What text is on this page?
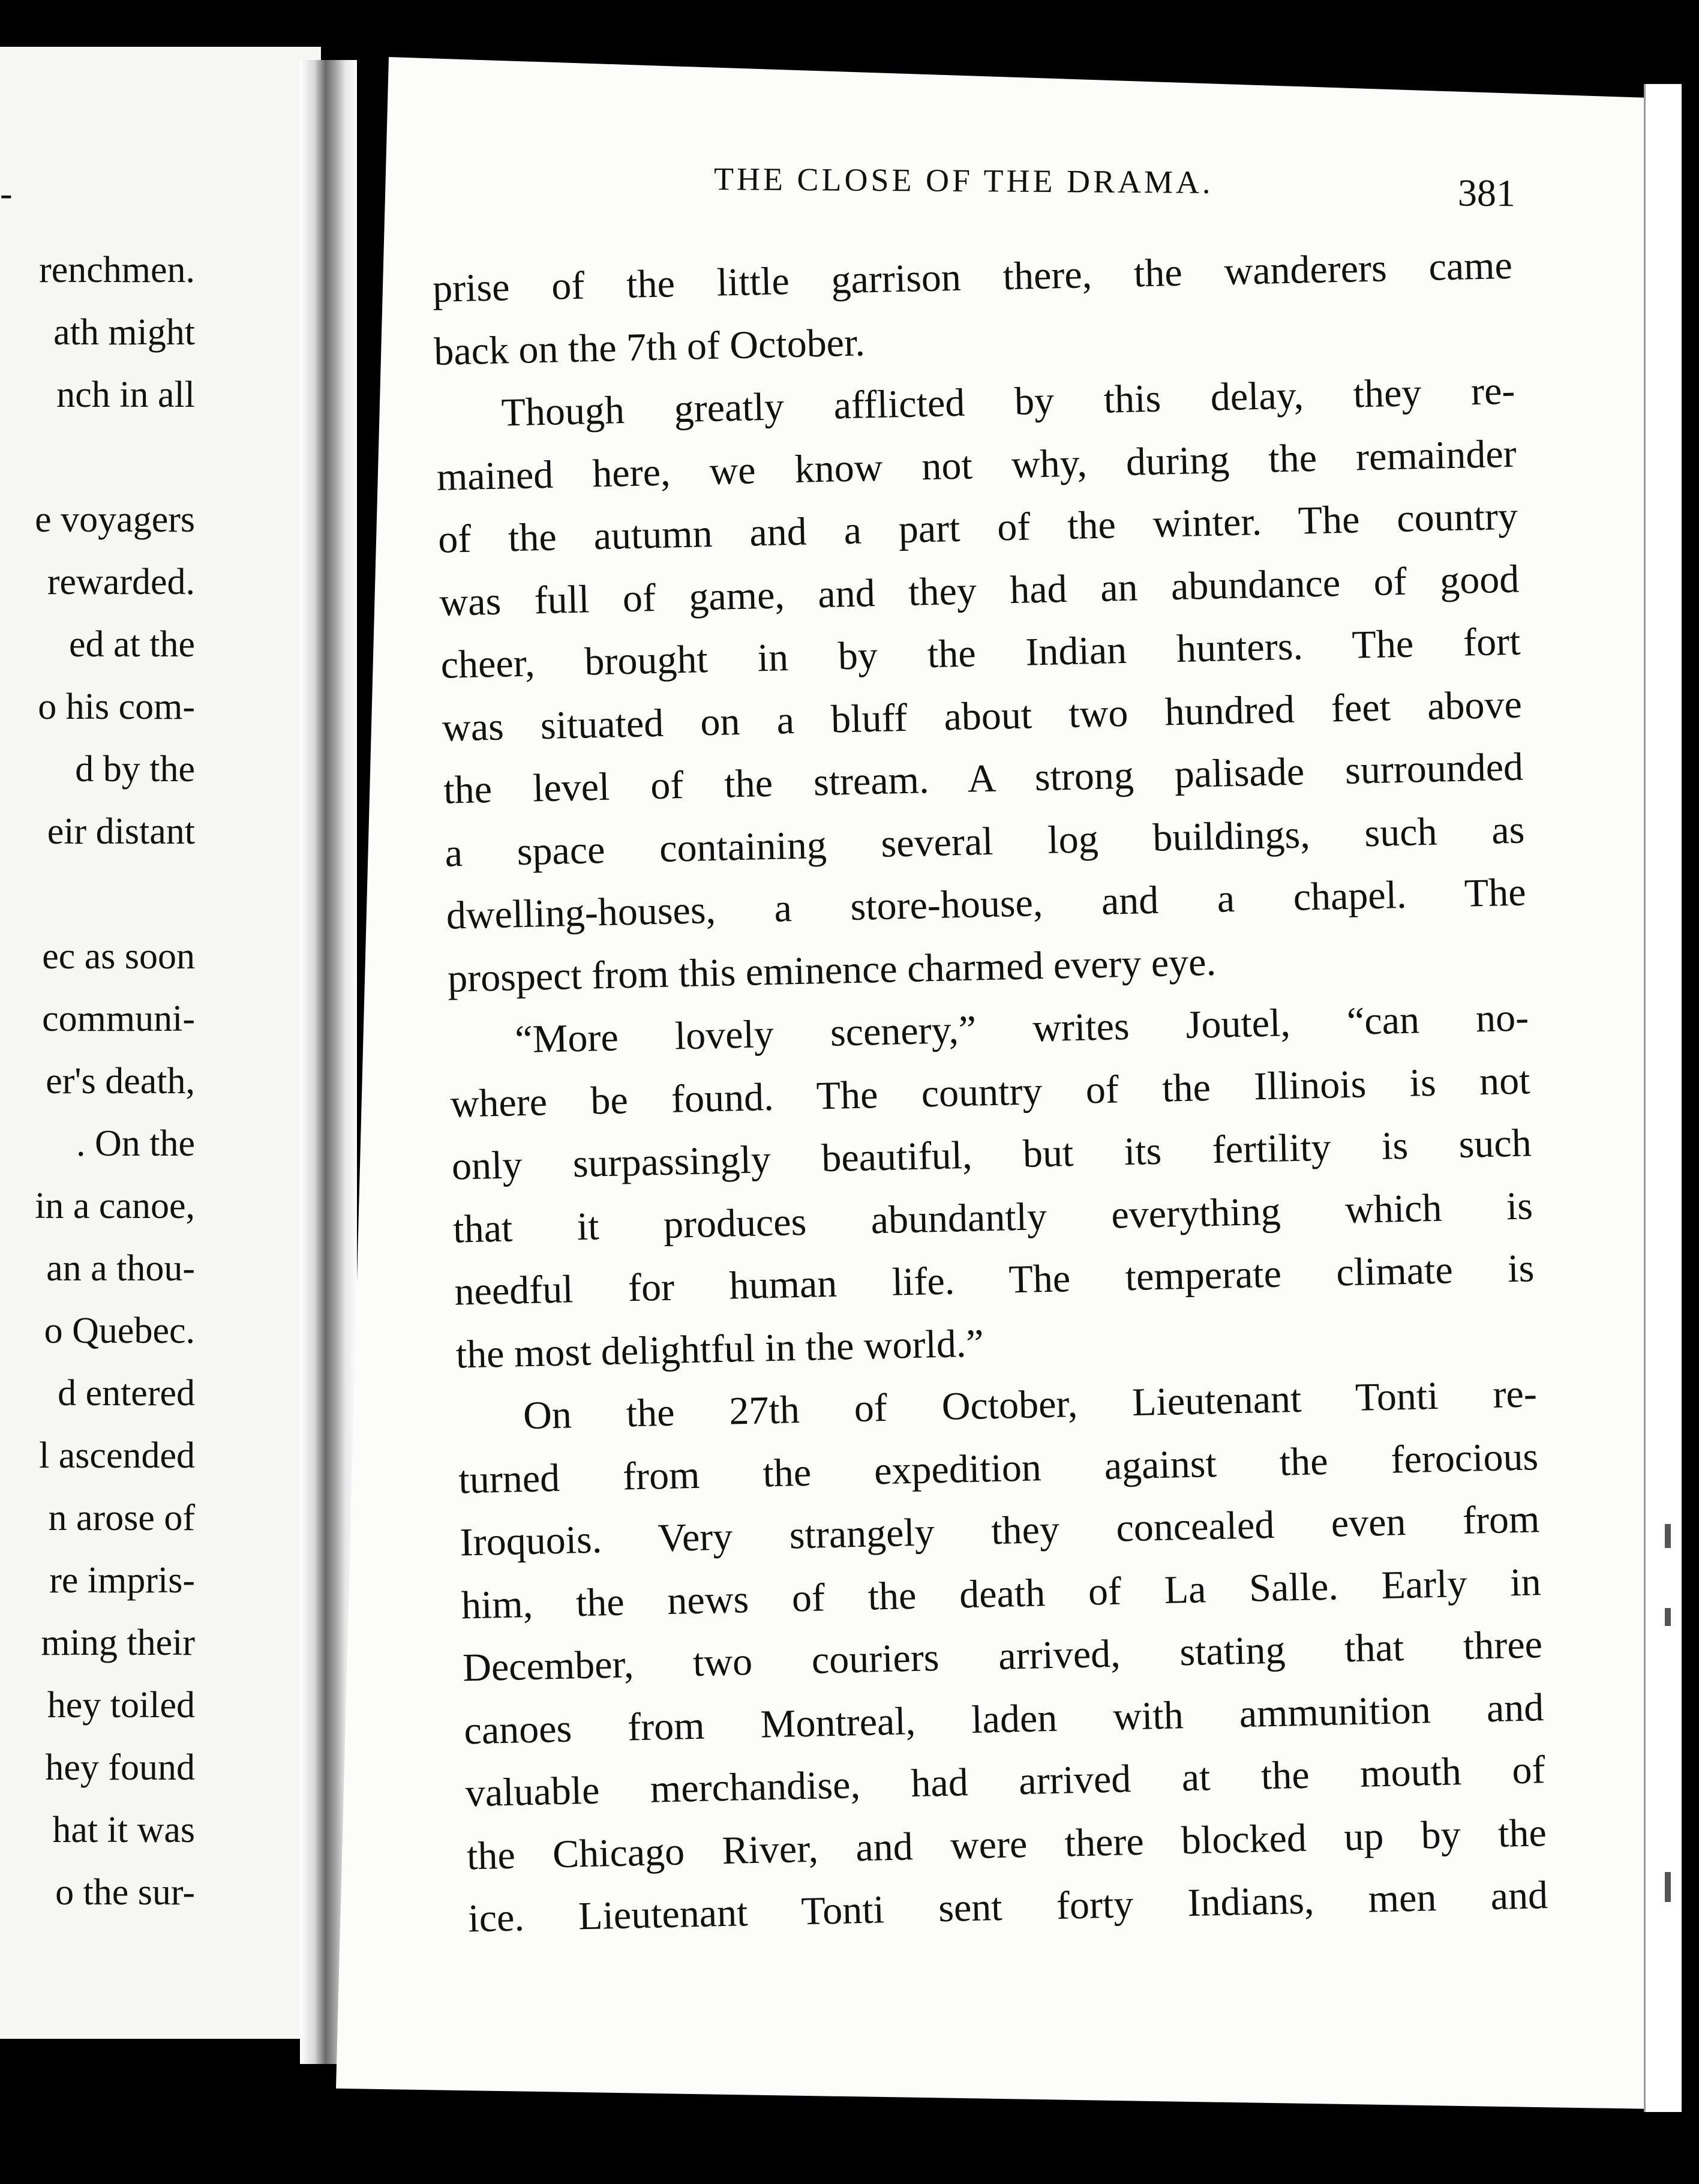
-
renchmen.
ath might
nch in all
e voyagers
rewarded.
ed at the
o his com-
d by the
eir distant
ec as soon
communi-
er's death,
. On the
in a canoe,
an a thou-
o Quebec.
d entered
l ascended
n arose of
re impris-
ming their
hey toiled
hey found
hat it was
o the sur-
THE CLOSE OF THE DRAMA.	381
prise of the little garrison there, the wanderers came
back on the 7th of October.
Though greatly afflicted by this delay, they re-
mained here, we know not why, during the remainder
of the autumn and a part of the winter. The country
was full of game, and they had an abundance of good
cheer, brought in by the Indian hunters. The fort
was situated on a bluff about two hundred feet above
the level of the stream. A strong palisade surrounded
a space containing several log buildings, such as
dwelling-houses, a store-house, and a chapel. The
prospect from this eminence charmed every eye.
“More lovely scenery,” writes Joutel, “can no-
where be found. The country of the Illinois is not
only surpassingly beautiful, but its fertility is such
that it produces abundantly everything which is
needful for human life. The temperate climate is
the most delightful in the world.”
On the 27th of October, Lieutenant Tonti re-
turned from the expedition against the ferocious
Iroquois. Very strangely they concealed even from
him, the news of the death of La Salle. Early in
December, two couriers arrived, stating that three
canoes from Montreal, laden with ammunition and
valuable merchandise, had arrived at the mouth of
the Chicago River, and were there blocked up by the
ice. Lieutenant Tonti sent forty Indians, men and
